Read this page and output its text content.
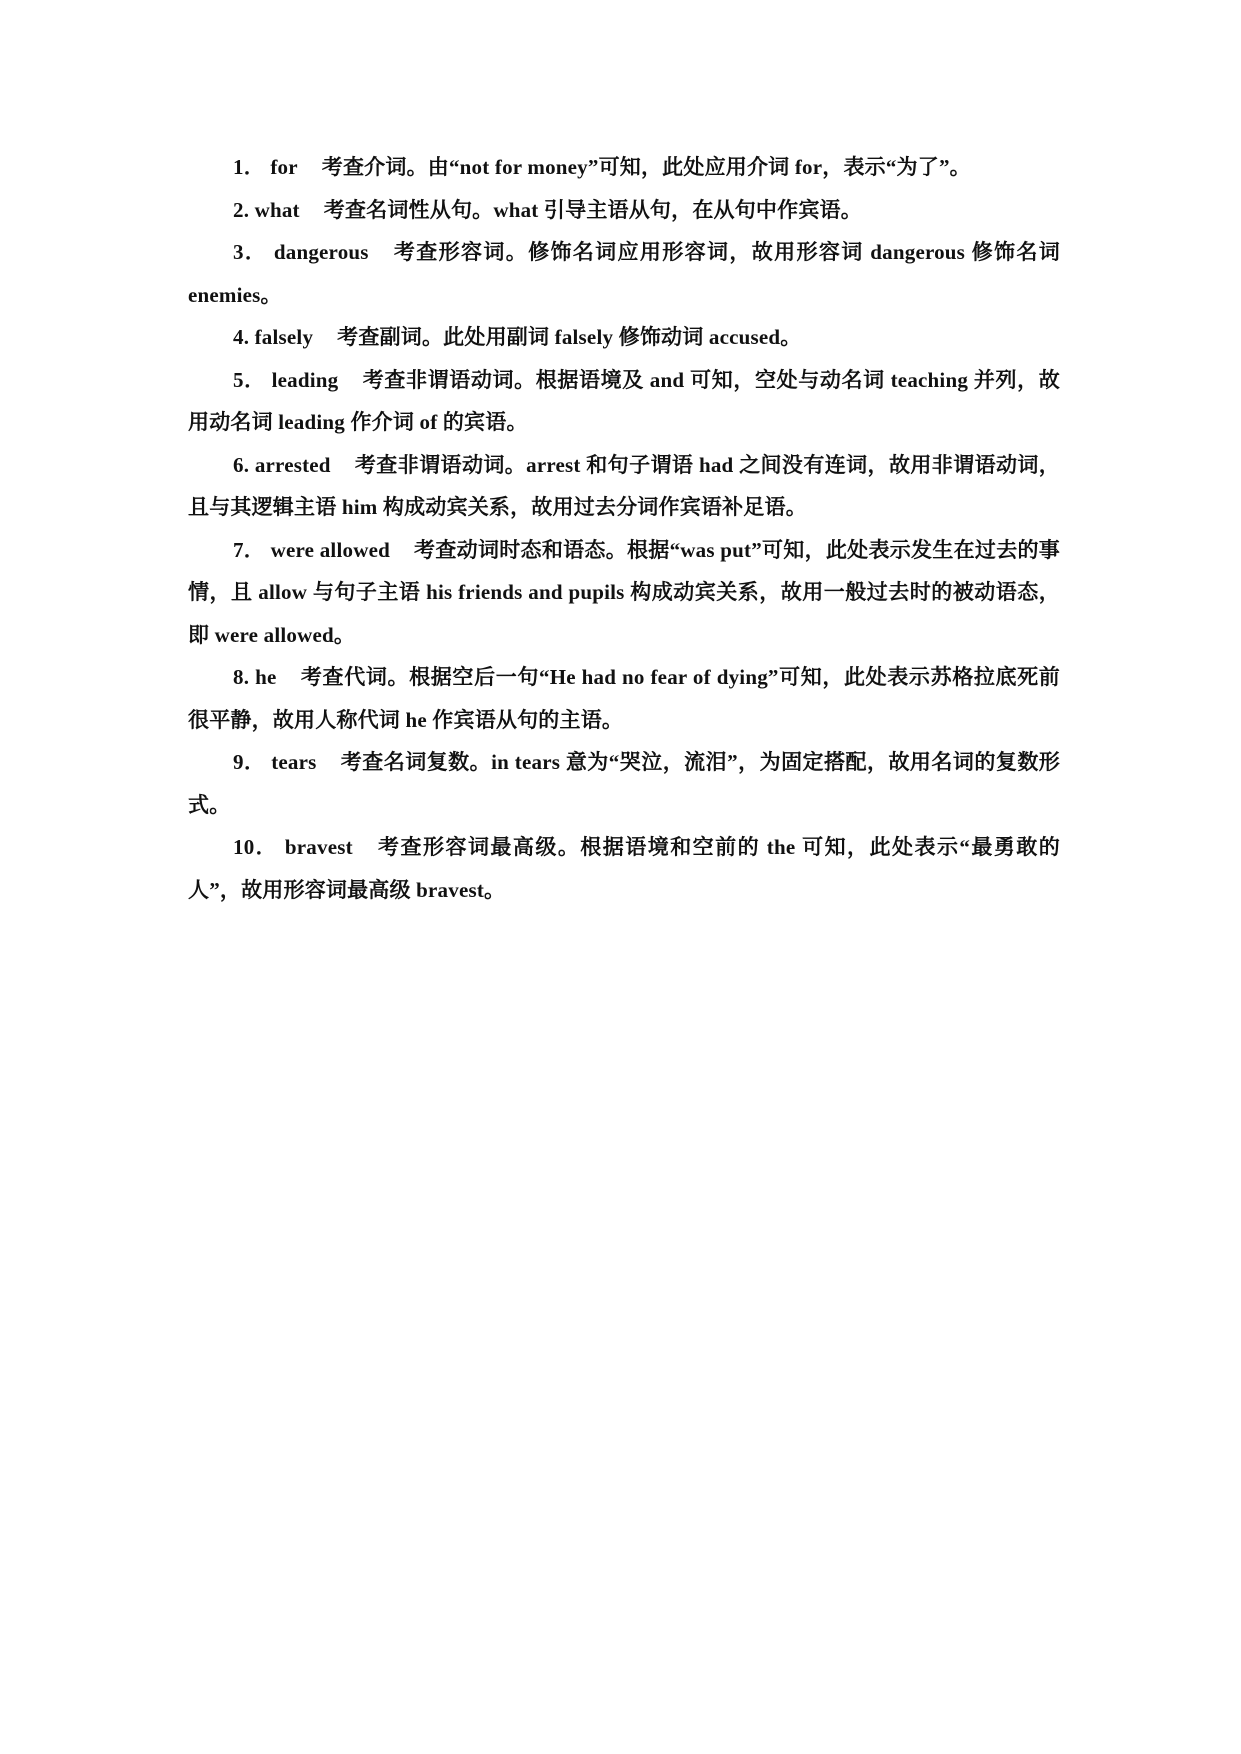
1． for 考查介词。由“not for money”可知，此处应用介词 for，表示“为了”。

2. what 考查名词性从句。what 引导主语从句，在从句中作宾语。

3． dangerous 考查形容词。修饰名词应用形容词，故用形容词 dangerous 修饰名词 enemies。

4. falsely 考查副词。此处用副词 falsely 修饰动词 accused。

5． leading 考查非谓语动词。根据语境及 and 可知，空处与动名词 teaching 并列，故用动名词 leading 作介词 of 的宾语。

6. arrested 考查非谓语动词。arrest 和句子谓语 had 之间没有连词，故用非谓语动词，且与其逻辑主语 him 构成动宾关系，故用过去分词作宾语补足语。

7． were allowed 考查动词时态和语态。根据“was put”可知，此处表示发生在过去的事情，且 allow 与句子主语 his friends and pupils 构成动宾关系，故用一般过去时的被动语态，即 were allowed。

8. he 考查代词。根据空后一句“He had no fear of dying”可知，此处表示苏格拉底死前很平静，故用人称代词 he 作宾语从句的主语。

9． tears 考查名词复数。in tears 意为“哭泣，流泪”，为固定搭配，故用名词的复数形式。

10． bravest 考查形容词最高级。根据语境和空前的 the 可知，此处表示“最勇敢的人”，故用形容词最高级 bravest。
